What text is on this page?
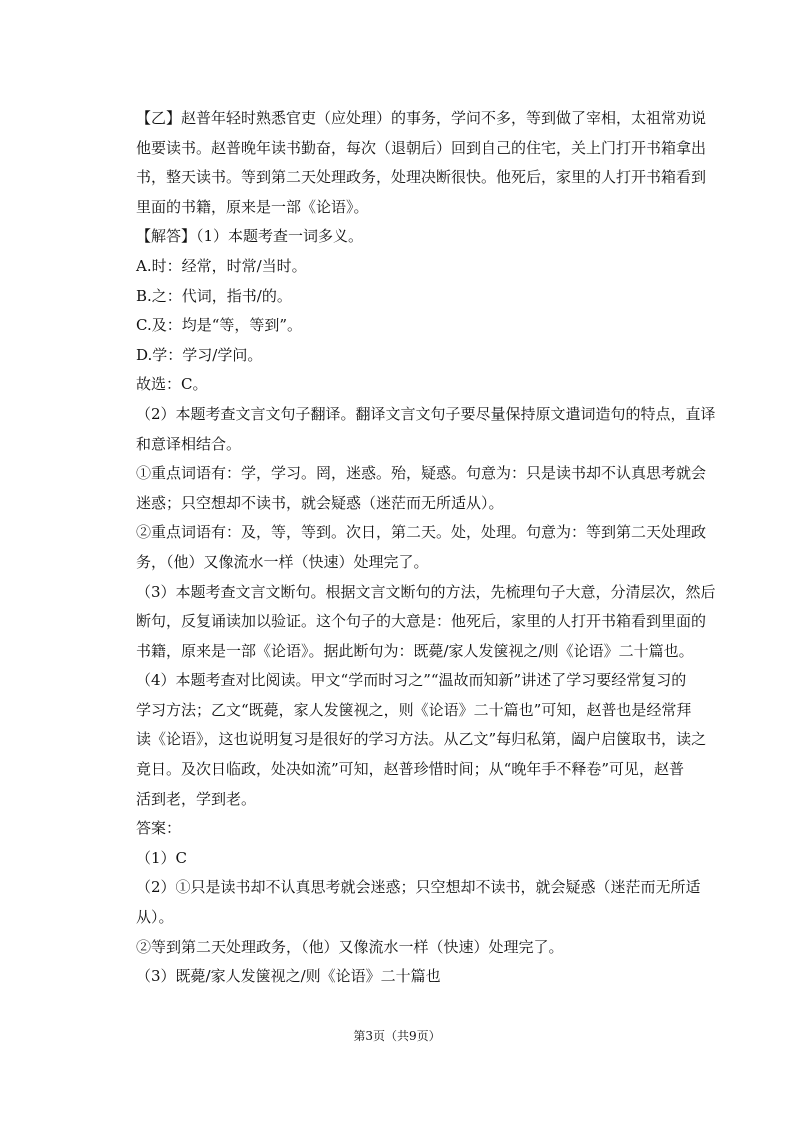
【乙】赵普年轻时熟悉官吏（应处理）的事务，学问不多，等到做了宰相，太祖常劝说

他要读书。赵普晚年读书勤奋，每次（退朝后）回到自己的住宅，关上门打开书箱拿出

书，整天读书。等到第二天处理政务，处理决断很快。他死后，家里的人打开书箱看到

里面的书籍，原来是一部《论语》。

【解答】（1）本题考查一词多义。

A.时：经常，时常/当时。

B.之：代词，指书/的。

C.及：均是“等，等到”。

D.学：学习/学问。

故选：C。

（2）本题考查文言文句子翻译。翻译文言文句子要尽量保持原文遣词造句的特点，直译

和意译相结合。

①重点词语有：学，学习。罔，迷惑。殆，疑惑。句意为：只是读书却不认真思考就会

迷惑；只空想却不读书，就会疑惑（迷茫而无所适从）。

②重点词语有：及，等，等到。次日，第二天。处，处理。句意为：等到第二天处理政

务，（他）又像流水一样（快速）处理完了。

（3）本题考查文言文断句。根据文言文断句的方法，先梳理句子大意，分清层次，然后

断句，反复诵读加以验证。这个句子的大意是：他死后，家里的人打开书箱看到里面的

书籍，原来是一部《论语》。据此断句为：既薨/家人发箧视之/则《论语》二十篇也。

（4）本题考查对比阅读。甲文“学而时习之”“温故而知新”讲述了学习要经常复习的

学习方法；乙文“既薨，家人发箧视之，则《论语》二十篇也”可知，赵普也是经常拜

读《论语》，这也说明复习是很好的学习方法。从乙文”每归私第，阖户启箧取书，读之

竟日。及次日临政，处决如流”可知，赵普珍惜时间；从“晚年手不释卷”可见，赵普

活到老，学到老。

答案：

（1）C

（2）①只是读书却不认真思考就会迷惑；只空想却不读书，就会疑惑（迷茫而无所适

从）。

②等到第二天处理政务，（他）又像流水一样（快速）处理完了。

（3）既薨/家人发箧视之/则《论语》二十篇也

第3页（共9页）
